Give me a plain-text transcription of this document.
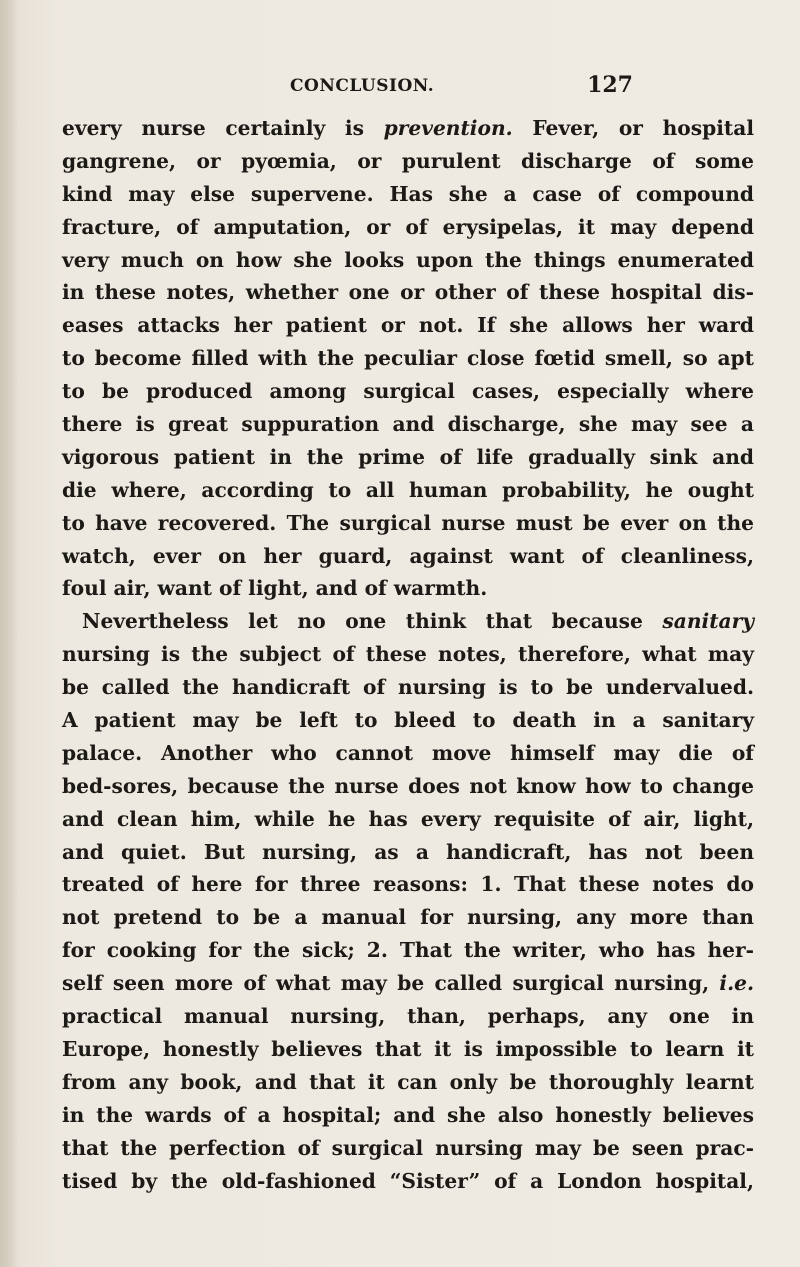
CONCLUSION.	127
every nurse certainly is prevention. Fever, or hospital
gangrene, or pyœmia, or purulent discharge of some
kind may else supervene. Has she a case of compound
fracture, of amputation, or of erysipelas, it may depend
very much on how she looks upon the things enumerated
in these notes, whether one or other of these hospital dis-
eases attacks her patient or not. If she allows her ward
to become filled with the peculiar close fœtid smell, so apt
to be produced among surgical cases, especially where
there is great suppuration and discharge, she may see a
vigorous patient in the prime of life gradually sink and
die where, according to all human probability, he ought
to have recovered. The surgical nurse must be ever on the
watch, ever on her guard, against want of cleanliness,
foul air, want of light, and of warmth.
Nevertheless let no one think that because sanitary
nursing is the subject of these notes, therefore, what may
be called the handicraft of nursing is to be undervalued.
A patient may be left to bleed to death in a sanitary
palace. Another who cannot move himself may die of
bed-sores, because the nurse does not know how to change
and clean him, while he has every requisite of air, light,
and quiet. But nursing, as a handicraft, has not been
treated of here for three reasons: 1. That these notes do
not pretend to be a manual for nursing, any more than
for cooking for the sick; 2. That the writer, who has her-
self seen more of what may be called surgical nursing, i.e.
practical manual nursing, than, perhaps, any one in
Europe, honestly believes that it is impossible to learn it
from any book, and that it can only be thoroughly learnt
in the wards of a hospital; and she also honestly believes
that the perfection of surgical nursing may be seen prac-
tised by the old-fashioned “Sister” of a London hospital,
